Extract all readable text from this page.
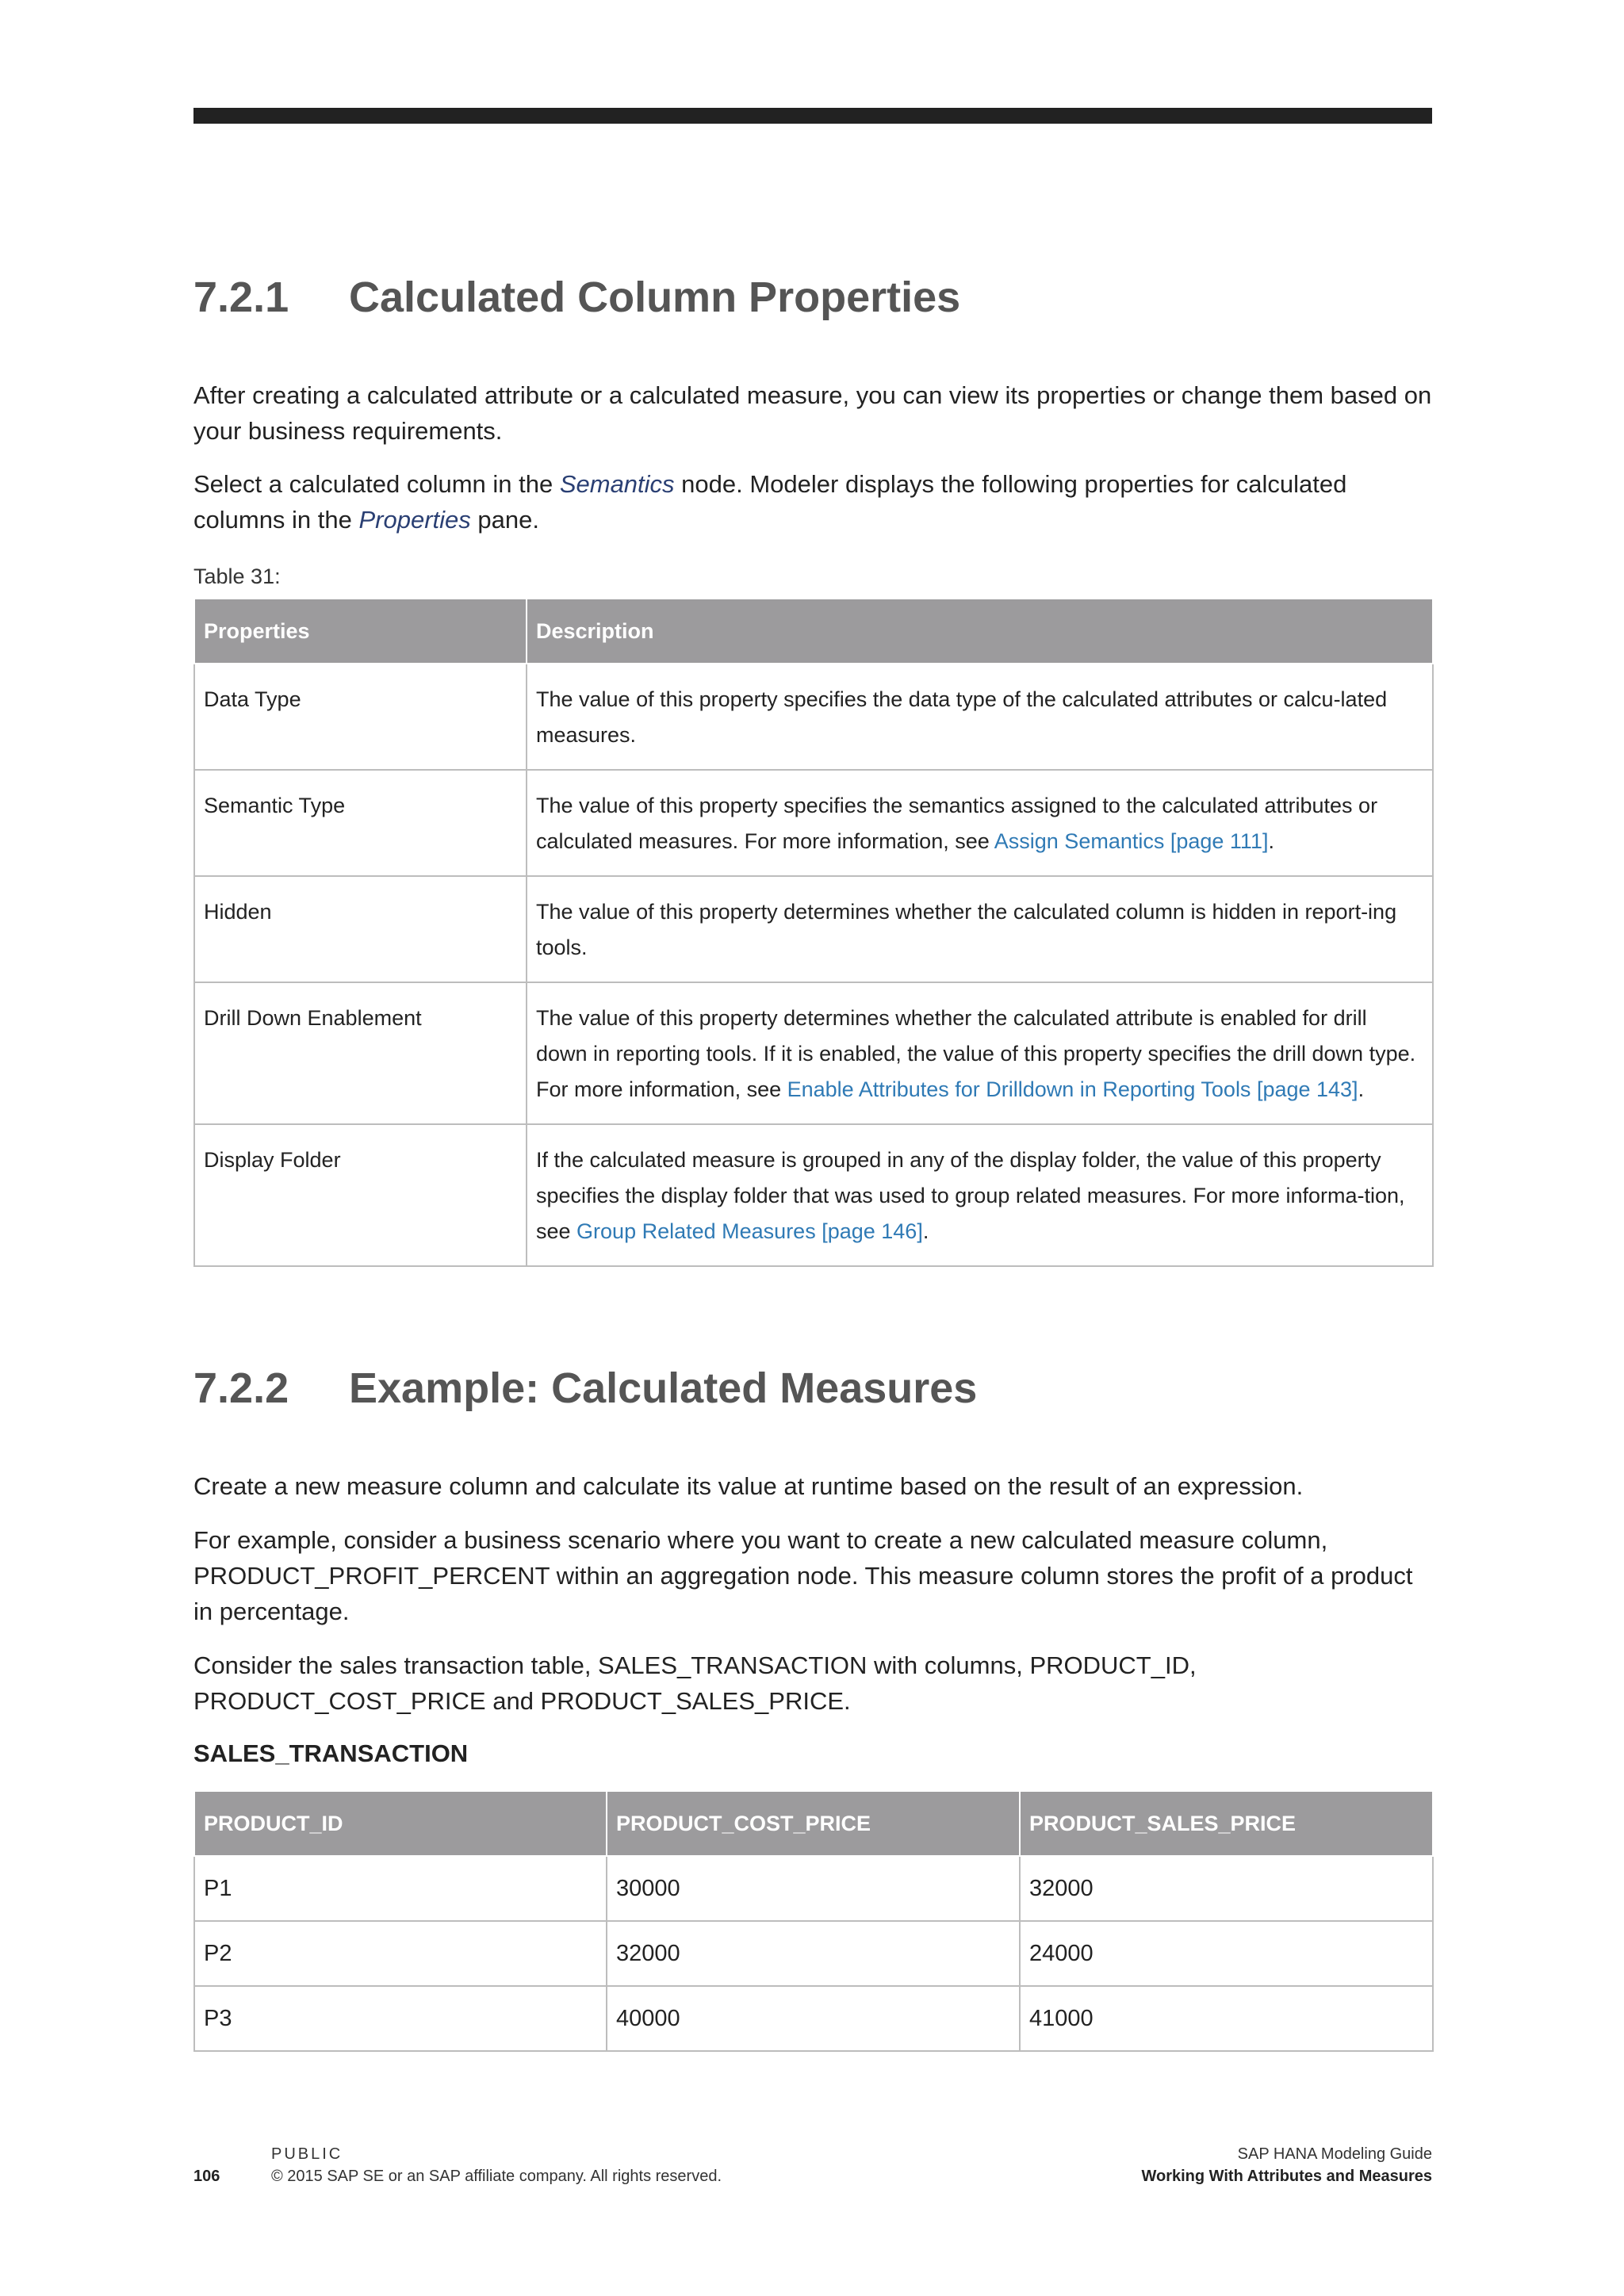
7.2.1 Calculated Column Properties

After creating a calculated attribute or a calculated measure, you can view its properties or change them based on your business requirements.

Select a calculated column in the Semantics node. Modeler displays the following properties for calculated columns in the Properties pane.

Table 31:
Properties	Description
Data Type	The value of this property specifies the data type of the calculated attributes or calcu-lated measures.
Semantic Type	The value of this property specifies the semantics assigned to the calculated attributes or calculated measures. For more information, see Assign Semantics [page 111].
Hidden	The value of this property determines whether the calculated column is hidden in report-ing tools.
Drill Down Enablement	The value of this property determines whether the calculated attribute is enabled for drill down in reporting tools. If it is enabled, the value of this property specifies the drill down type. For more information, see Enable Attributes for Drilldown in Reporting Tools [page 143].
Display Folder	If the calculated measure is grouped in any of the display folder, the value of this property specifies the display folder that was used to group related measures. For more informa-tion, see Group Related Measures [page 146].
7.2.2 Example: Calculated Measures

Create a new measure column and calculate its value at runtime based on the result of an expression.

For example, consider a business scenario where you want to create a new calculated measure column, PRODUCT_PROFIT_PERCENT within an aggregation node. This measure column stores the profit of a product in percentage.

Consider the sales transaction table, SALES_TRANSACTION with columns, PRODUCT_ID, PRODUCT_COST_PRICE and PRODUCT_SALES_PRICE.

SALES_TRANSACTION
PRODUCT_ID	PRODUCT_COST_PRICE	PRODUCT_SALES_PRICE
P1	30000	32000
P2	32000	24000
P3	40000	41000
PUBLIC
106	© 2015 SAP SE or an SAP affiliate company. All rights reserved.
SAP HANA Modeling Guide
Working With Attributes and Measures
